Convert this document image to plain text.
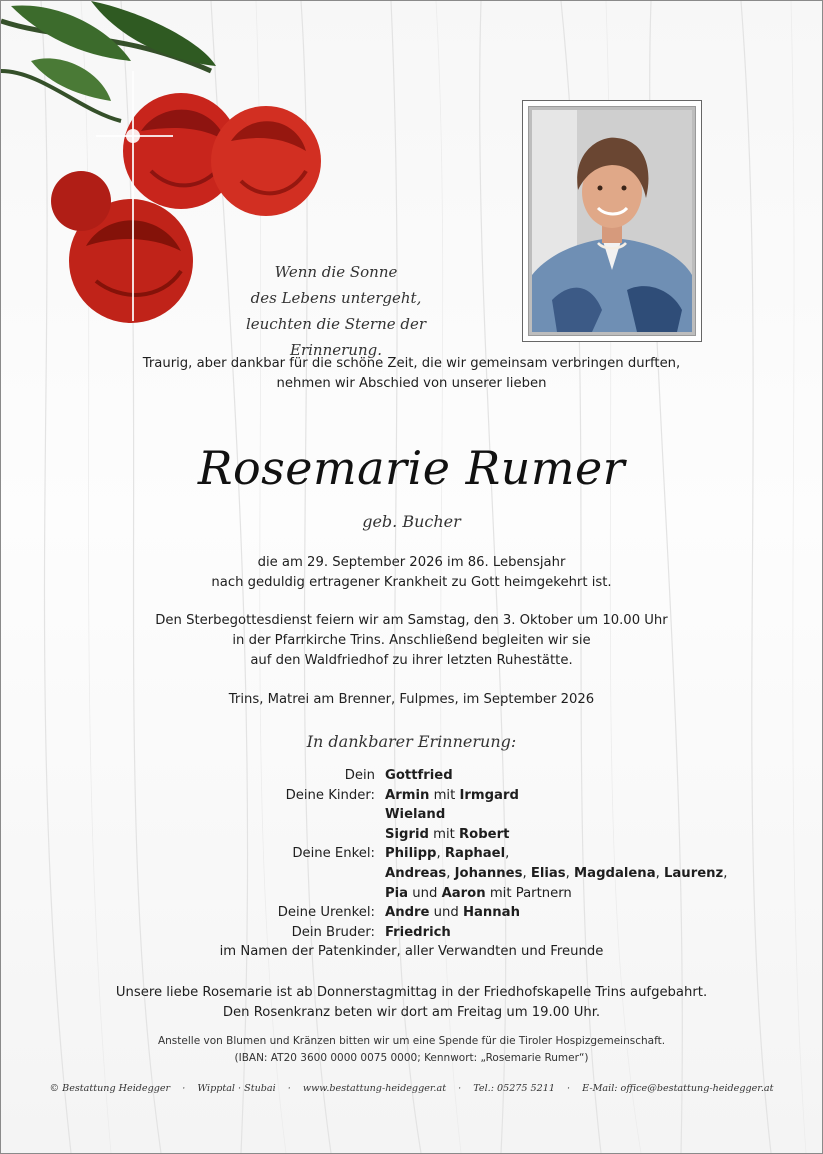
Wenn die Sonne
des Lebens untergeht,
leuchten die Sterne der Erinnerung.
Traurig, aber dankbar für die schöne Zeit, die wir gemeinsam verbringen durften,
nehmen wir Abschied von unserer lieben
Rosemarie Rumer
geb. Bucher
die am 29. September 2026 im 86. Lebensjahr
nach geduldig ertragener Krankheit zu Gott heimgekehrt ist.
Den Sterbegottesdienst feiern wir am Samstag, den 3. Oktober um 10.00 Uhr
in der Pfarrkirche Trins. Anschließend begleiten wir sie
auf den Waldfriedhof zu ihrer letzten Ruhestätte.
Trins, Matrei am Brenner, Fulpmes, im September 2026
In dankbarer Erinnerung:
Dein Gottfried
Deine Kinder: Armin mit Irmgard
Wieland
Sigrid mit Robert
Deine Enkel: Philipp, Raphael,
Andreas, Johannes, Elias, Magdalena, Laurenz,
Pia und Aaron mit Partnern
Deine Urenkel: Andre und Hannah
Dein Bruder: Friedrich
im Namen der Patenkinder, aller Verwandten und Freunde
Unsere liebe Rosemarie ist ab Donnerstagmittag in der Friedhofskapelle Trins aufgebahrt.
Den Rosenkranz beten wir dort am Freitag um 19.00 Uhr.
Anstelle von Blumen und Kränzen bitten wir um eine Spende für die Tiroler Hospizgemeinschaft.
(IBAN: AT20 3600 0000 0075 0000; Kennwort: „Rosemarie Rumer“)
© Bestattung Heidegger · Wipptal · Stubai · www.bestattung-heidegger.at · Tel.: 05275 5211 · E-Mail: office@bestattung-heidegger.at
